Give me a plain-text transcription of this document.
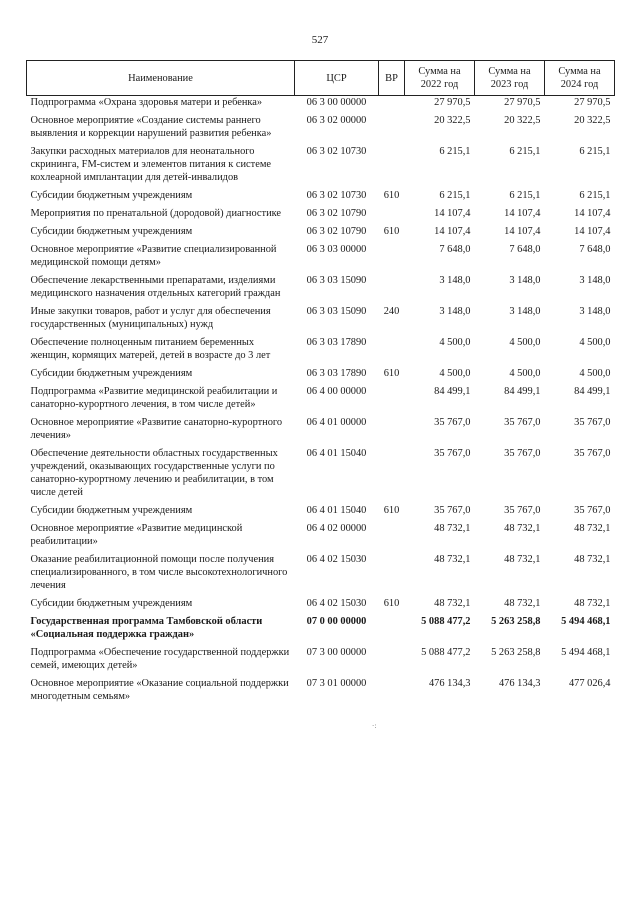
527
Наименование	ЦСР	ВР	Сумма на 2022 год	Сумма на 2023 год	Сумма на 2024 год
Подпрограмма «Охрана здоровья матери и ребенка»	06 3 00 00000		27 970,5	27 970,5	27 970,5
Основное мероприятие «Создание системы раннего выявления и коррекции нарушений развития ребенка»	06 3 02 00000		20 322,5	20 322,5	20 322,5
Закупки расходных материалов для неонатального скрининга, FM-систем и элементов питания к системе кохлеарной имплантации для детей-инвалидов	06 3 02 10730		6 215,1	6 215,1	6 215,1
Субсидии бюджетным учреждениям	06 3 02 10730	610	6 215,1	6 215,1	6 215,1
Мероприятия по пренатальной (дородовой) диагностике	06 3 02 10790		14 107,4	14 107,4	14 107,4
Субсидии бюджетным учреждениям	06 3 02 10790	610	14 107,4	14 107,4	14 107,4
Основное мероприятие «Развитие специализированной медицинской помощи детям»	06 3 03 00000		7 648,0	7 648,0	7 648,0
Обеспечение лекарственными препаратами, изделиями медицинского назначения отдельных категорий граждан	06 3 03 15090		3 148,0	3 148,0	3 148,0
Иные закупки товаров, работ и услуг для обеспечения государственных (муниципальных) нужд	06 3 03 15090	240	3 148,0	3 148,0	3 148,0
Обеспечение полноценным питанием беременных женщин, кормящих матерей, детей в возрасте до 3 лет	06 3 03 17890		4 500,0	4 500,0	4 500,0
Субсидии бюджетным учреждениям	06 3 03 17890	610	4 500,0	4 500,0	4 500,0
Подпрограмма «Развитие медицинской реабилитации и санаторно-курортного лечения, в том числе детей»	06 4 00 00000		84 499,1	84 499,1	84 499,1
Основное мероприятие «Развитие санаторно-курортного лечения»	06 4 01 00000		35 767,0	35 767,0	35 767,0
Обеспечение деятельности областных государственных учреждений, оказывающих государственные услуги по санаторно-курортному лечению и реабилитации, в том числе детей	06 4 01 15040		35 767,0	35 767,0	35 767,0
Субсидии бюджетным учреждениям	06 4 01 15040	610	35 767,0	35 767,0	35 767,0
Основное мероприятие «Развитие медицинской реабилитации»	06 4 02 00000		48 732,1	48 732,1	48 732,1
Оказание реабилитационной помощи после получения специализированного, в том числе высокотехнологичного лечения	06 4 02 15030		48 732,1	48 732,1	48 732,1
Субсидии бюджетным учреждениям	06 4 02 15030	610	48 732,1	48 732,1	48 732,1
Государственная программа Тамбовской области «Социальная поддержка граждан»	07 0 00 00000		5 088 477,2	5 263 258,8	5 494 468,1
Подпрограмма «Обеспечение государственной поддержки семей, имеющих детей»	07 3 00 00000		5 088 477,2	5 263 258,8	5 494 468,1
Основное мероприятие «Оказание социальной поддержки многодетным семьям»	07 3 01 00000		476 134,3	476 134,3	477 026,4
·:
